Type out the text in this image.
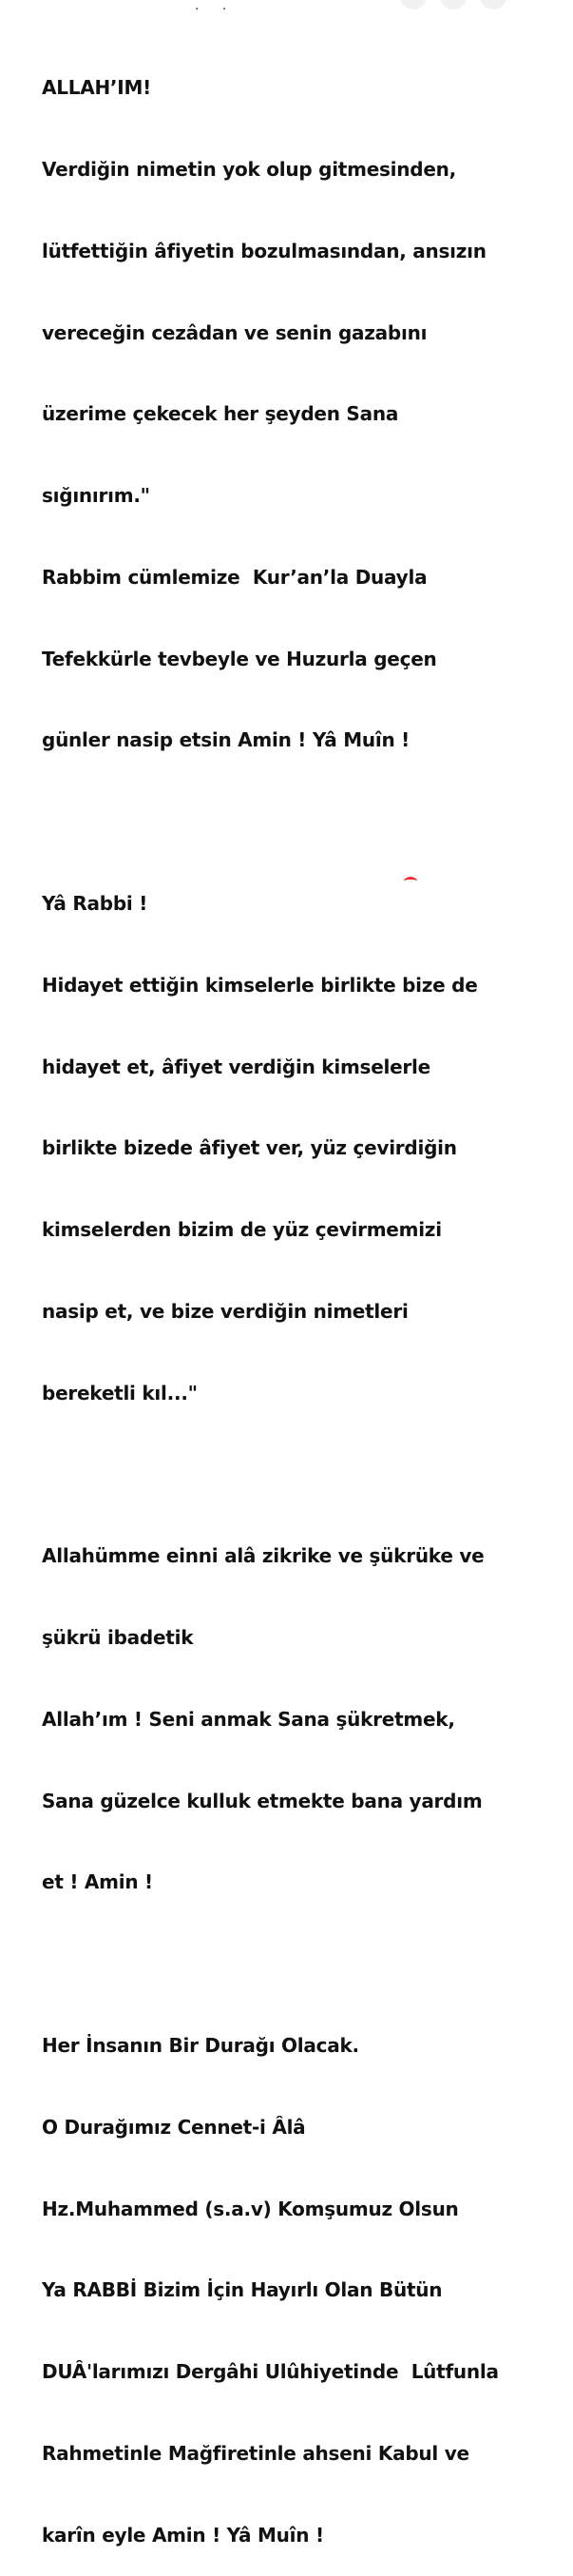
· ·

ALLAH’IM!

Verdiğin nimetin yok olup gitmesinden,

lütfettiğin âfiyetin bozulmasından, ansızın

vereceğin cezâdan ve senin gazabını

üzerime çekecek her şeyden Sana

sığınırım."

Rabbim cümlemize  Kur’an’la Duayla

Tefekkürle tevbeyle ve Huzurla geçen

günler nasip etsin Amin ! Yâ Muîn !

Yâ Rabbi !

Hidayet ettiğin kimselerle birlikte bize de

hidayet et, âfiyet verdiğin kimselerle

birlikte bizede âfiyet ver, yüz çevirdiğin

kimselerden bizim de yüz çevirmemizi

nasip et, ve bize verdiğin nimetleri

bereketli kıl..."

Allahümme einni alâ zikrike ve şükrüke ve

şükrü ibadetik

Allah’ım ! Seni anmak Sana şükretmek,

Sana güzelce kulluk etmekte bana yardım

et ! Amin !

Her İnsanın Bir Durağı Olacak.

O Durağımız Cennet-i Âlâ

Hz.Muhammed (s.a.v) Komşumuz Olsun

Ya RABBİ Bizim İçin Hayırlı Olan Bütün

DUÂ'larımızı Dergâhi Ulûhiyetinde  Lûtfunla

Rahmetinle Mağfiretinle ahseni Kabul ve

karîn eyle Amin ! Yâ Muîn !
